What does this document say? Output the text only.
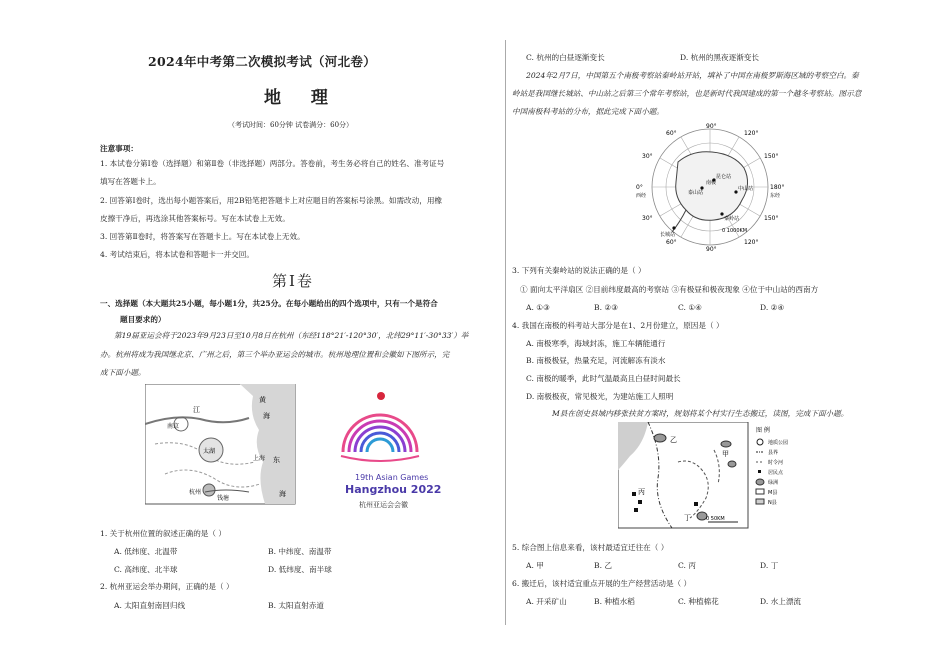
2024年中考第二次模拟考试（河北卷）
地 理
（考试时间：60分钟 试卷满分：60分）
注意事项：
1. 本试卷分第Ⅰ卷（选择题）和第Ⅱ卷（非选择题）两部分。答卷前，考生务必将自己的姓名、准考证号
填写在答题卡上。
2. 回答第Ⅰ卷时，选出每小题答案后，用2B铅笔把答题卡上对应题目的答案标号涂黑。如需改动，用橡
皮擦干净后，再选涂其他答案标号。写在本试卷上无效。
3. 回答第Ⅱ卷时，将答案写在答题卡上。写在本试卷上无效。
4. 考试结束后，将本试卷和答题卡一并交回。
第Ⅰ卷
一、选择题（本大题共25小题，每小题1分，共25分。在每小题给出的四个选项中，只有一个是符合
题目要求的）
第19届亚运会将于2023年9月23日至10月8日在杭州（东经118°21′-120°30′，北纬29°11′-30°33′）举
办。杭州将成为我国继北京、广州之后，第三个举办亚运会的城市。杭州地理位置和会徽如下图所示，完
成下面小题。
黄
海
江
南京
太湖
上海 东
海
杭州
钱塘
19th Asian Games
Hangzhou 2022
杭州亚运会会徽
1. 关于杭州位置的叙述正确的是（ ）
A. 低纬度、北温带	B. 中纬度、南温带
C. 高纬度、北半球	D. 低纬度、南半球
2. 杭州亚运会举办期间，正确的是（ ）
A. 太阳直射南回归线	B. 太阳直射赤道
C. 杭州的白昼逐渐变长	D. 杭州的黑夜逐渐变长
2024年2月7日，中国第五个南极考察站秦岭站开站，填补了中国在南极罗斯海区域的考察空白。秦
岭站是我国继长城站、中山站之后第三个常年考察站，也是新时代我国建成的第一个越冬考察站。图示意
中国南极科考站的分布，据此完成下面小题。
90°
60°	120°
30°	150°
0°	180°
30°	150°
60°	120°
90°
南极
西经	东经
长城站
中山站
昆仑站
泰山站
秦岭站
0 1000KM
3. 下列有关秦岭站的说法正确的是（ ）
① 面向太平洋扇区 ②目前纬度最高的考察站 ③有极昼和极夜现象 ④位于中山站的西南方
A. ①③	B. ②③	C. ①④	D. ②④
4. 我国在南极的科考站大部分是在1、2月份建立，原因是（ ）
A. 南极寒季，海域封冻，施工车辆能通行
B. 南极极昼，热量充足，河流解冻有淡水
C. 南极的暖季，此时气温最高且白昼时间最长
D. 南极极夜，常见极光，为建站施工人照明
M县在创史县域内移张扶贫方案时，规划将某个村实行生态搬迁，读图，完成下面小题。
乙
甲
丙
丁	0 50KM
图 例
地质公园
县界
时令河
居民点
绿洲
M县
N县
5. 综合图上信息来看，该村最适宜迁往在（ ）
A. 甲	B. 乙	C. 丙	D. 丁
6. 搬迁后，该村适宜重点开展的生产经营活动是（ ）
A. 开采矿山	B. 种植水稻	C. 种植棉花	D. 水上漂流
